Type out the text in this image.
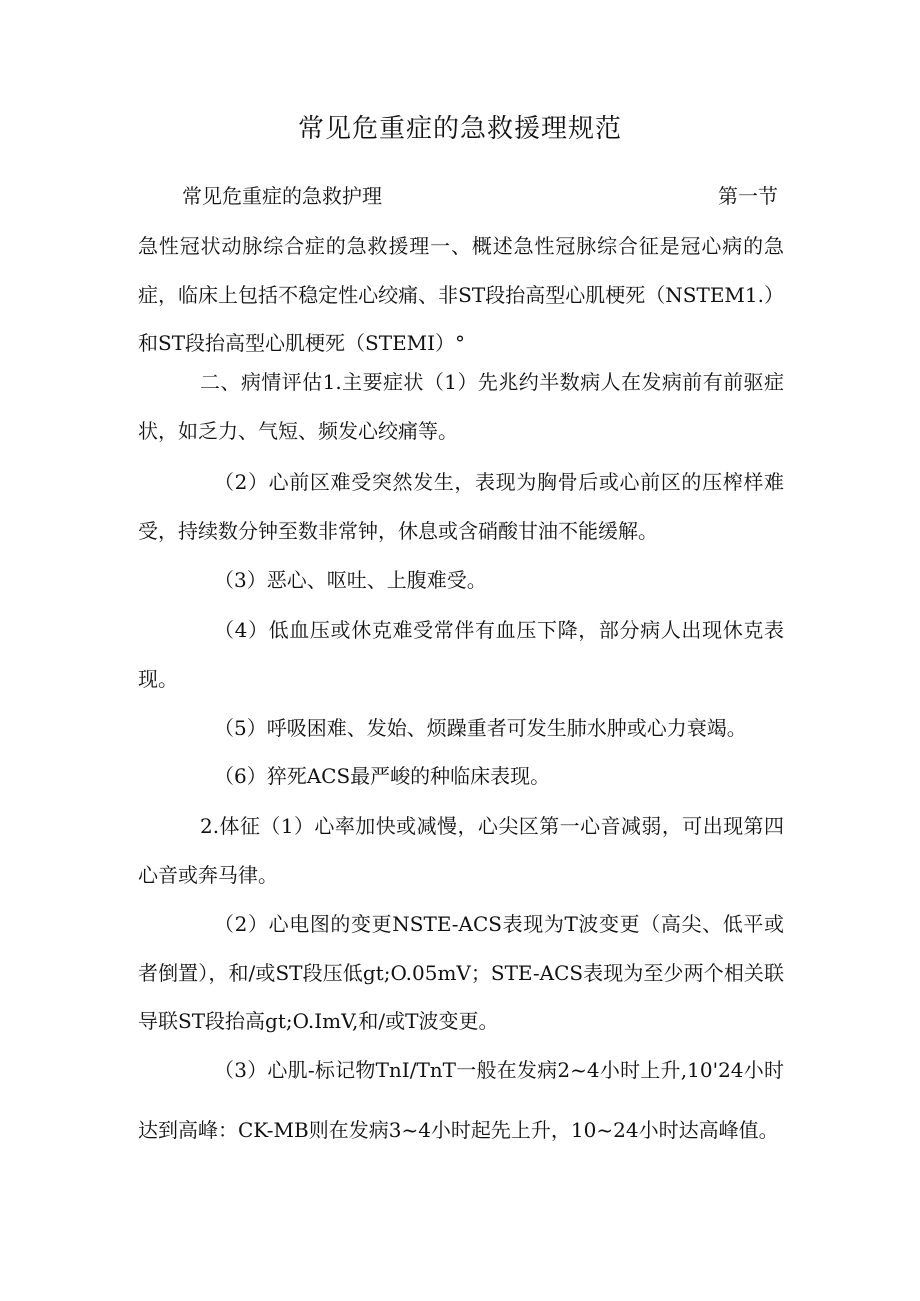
常见危重症的急救援理规范
常见危重症的急救护理	第一节

急性冠状动脉综合症的急救援理一、概述急性冠脉综合征是冠心病的急症，临床上包括不稳定性心绞痛、非ST段抬高型心肌梗死（NSTEM1.）和ST段抬高型心肌梗死（STEMI）°

二、病情评估1.主要症状（1）先兆约半数病人在发病前有前驱症状，如乏力、气短、频发心绞痛等。

（2）心前区难受突然发生，表现为胸骨后或心前区的压榨样难受，持续数分钟至数非常钟，休息或含硝酸甘油不能缓解。

（3）恶心、呕吐、上腹难受。

（4）低血压或休克难受常伴有血压下降，部分病人出现休克表现。

（5）呼吸困难、发始、烦躁重者可发生肺水肿或心力衰竭。

（6）猝死ACS最严峻的种临床表现。

2.体征（1）心率加快或减慢，心尖区第一心音减弱，可出现第四心音或奔马律。

（2）心电图的变更NSTE-ACS表现为T波变更（高尖、低平或者倒置），和/或ST段压低gt;O.05mV；STE-ACS表现为至少两个相关联导联ST段抬高gt;O.ImV,和/或T波变更。

（3）心肌-标记物TnI/TnT一般在发病2~4小时上升,10'24小时达到高峰：CK-MB则在发病3~4小时起先上升，10~24小时达高峰值。
